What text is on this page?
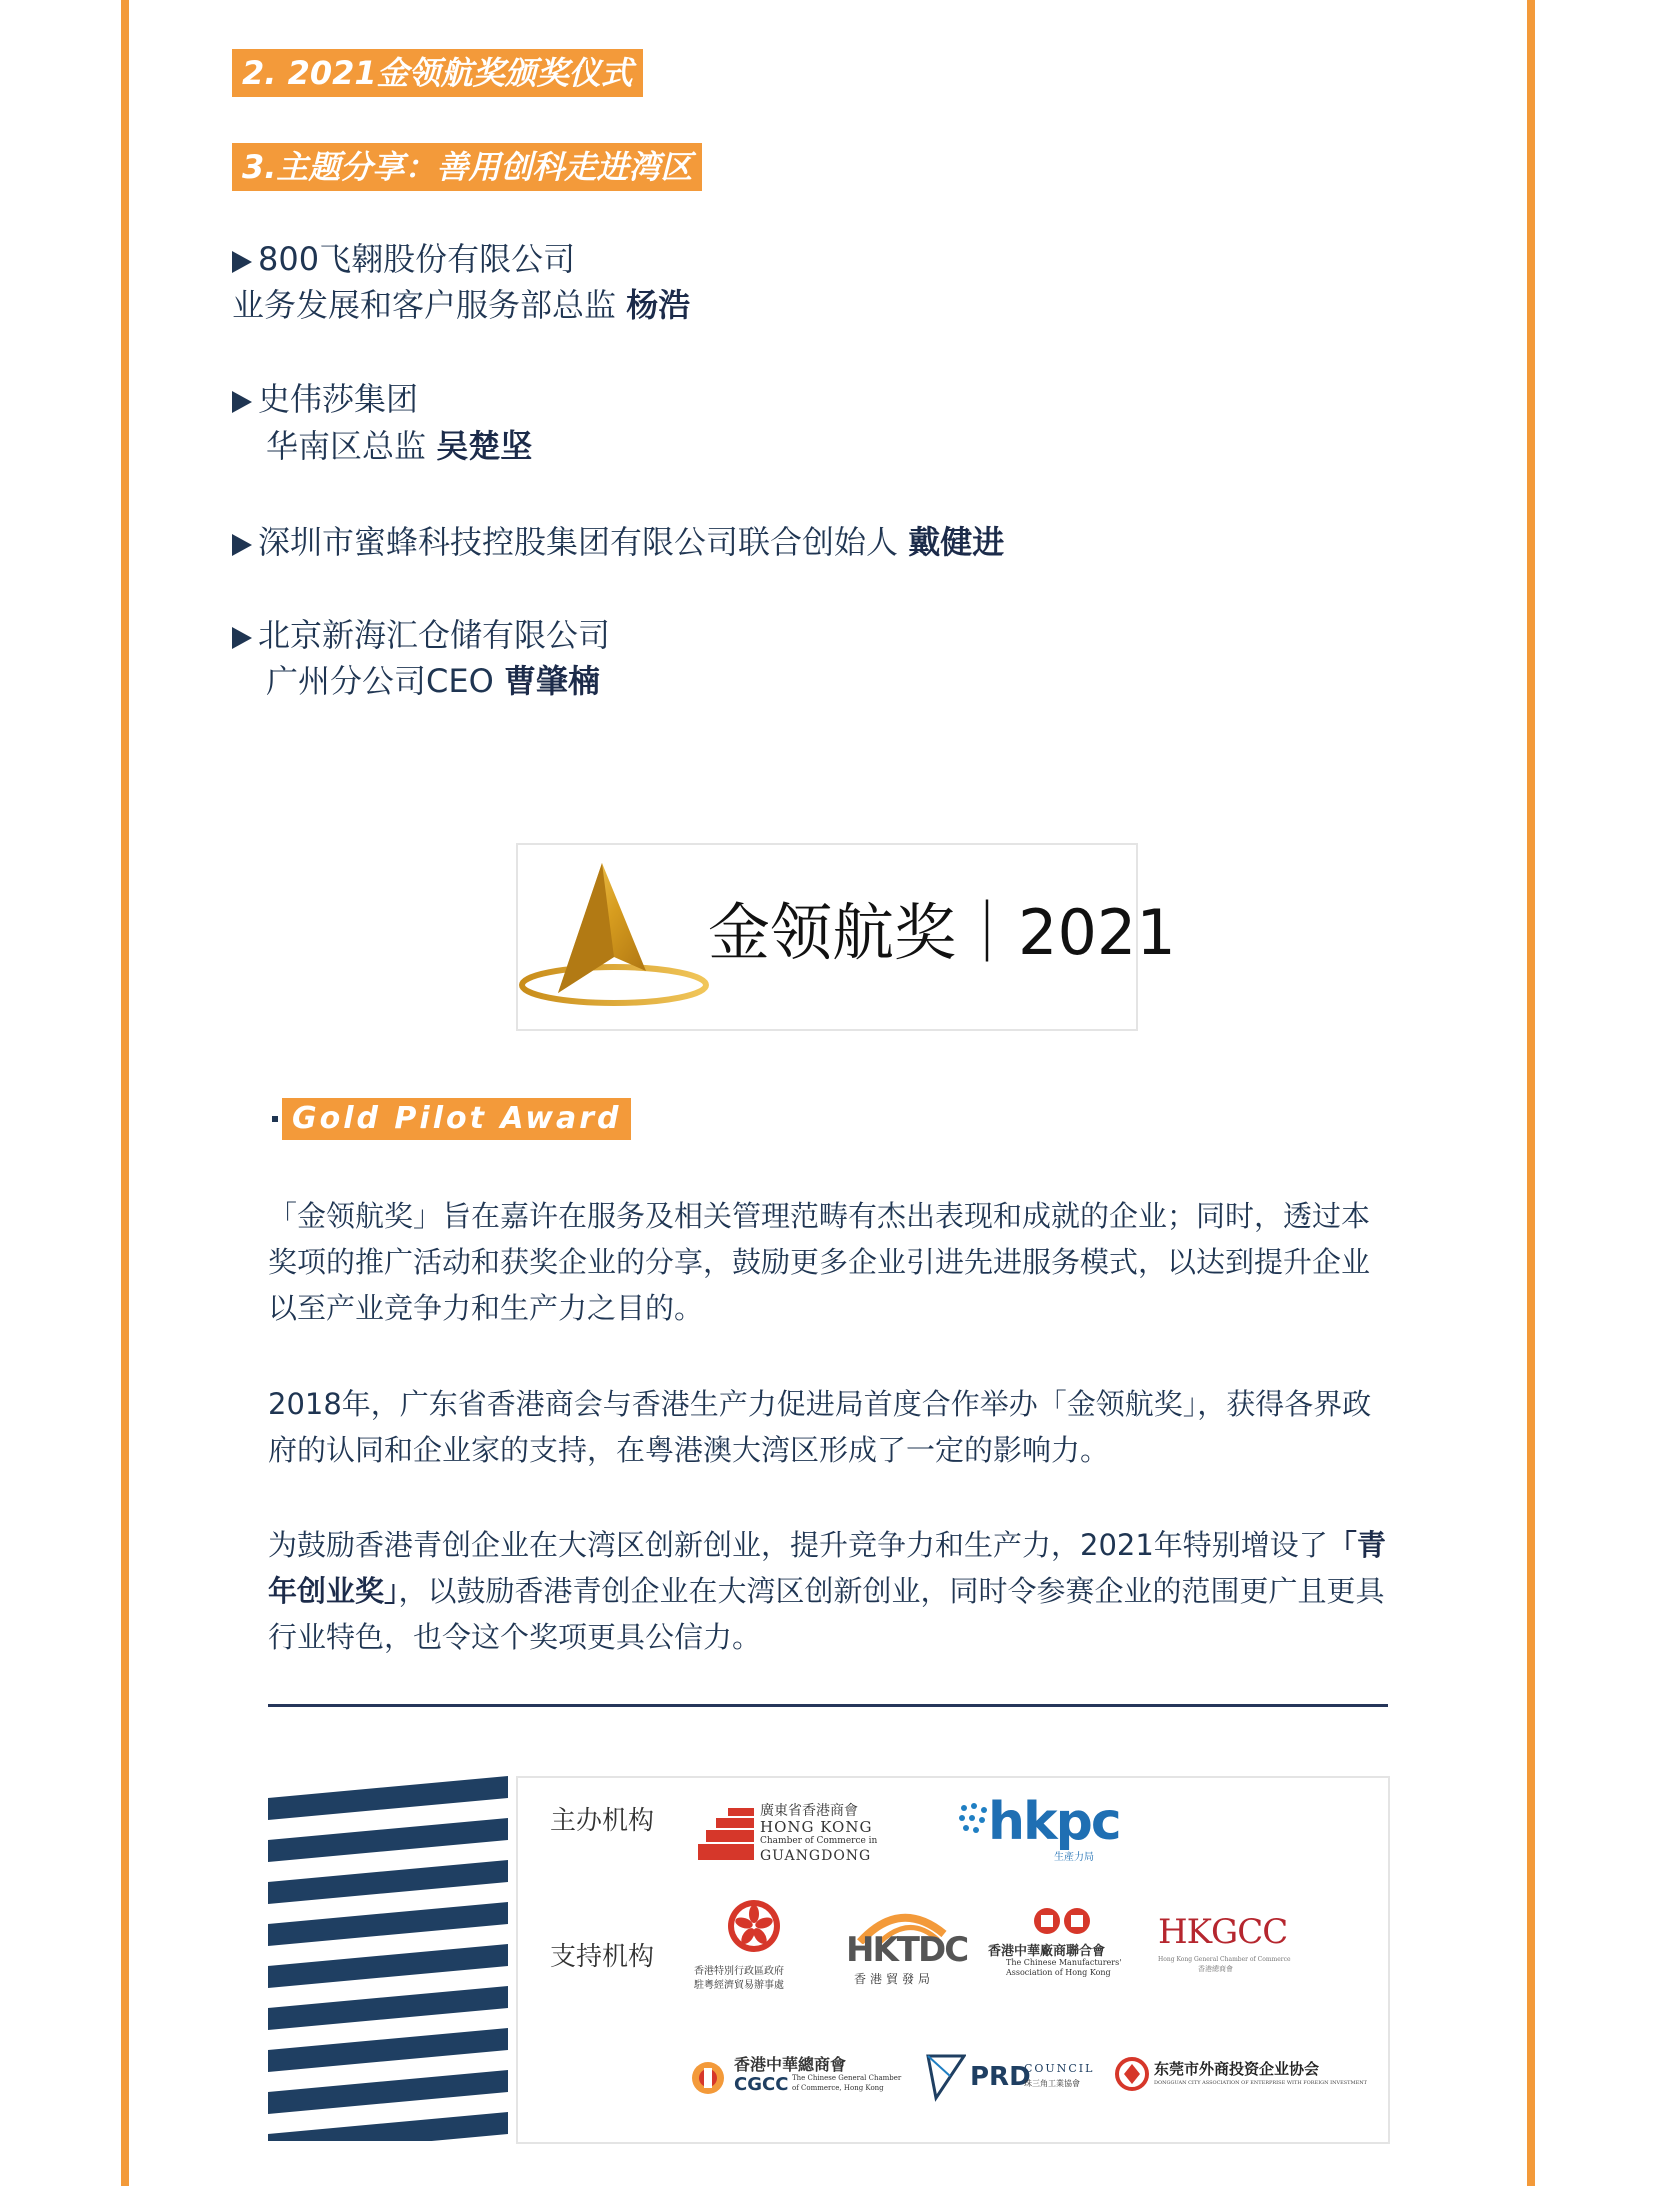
2. 2021金领航奖颁奖仪式
3.主题分享：善用创科走进湾区
800飞翱股份有限公司
业务发展和客户服务部总监 杨浩
史伟莎集团
华南区总监 吴楚坚
深圳市蜜蜂科技控股集团有限公司联合创始人 戴健进
北京新海汇仓储有限公司
广州分公司CEO 曹肇楠
金领航奖｜2021
Gold Pilot Award
「金领航奖」旨在嘉许在服务及相关管理范畴有杰出表现和成就的企业；同时，透过本奖项的推广活动和获奖企业的分享，鼓励更多企业引进先进服务模式，以达到提升企业以至产业竞争力和生产力之目的。
2018年，广东省香港商会与香港生产力促进局首度合作举办「金领航奖」，获得各界政府的认同和企业家的支持，在粤港澳大湾区形成了一定的影响力。
为鼓励香港青创企业在大湾区创新创业，提升竞争力和生产力，2021年特别增设了「青年创业奖」，以鼓励香港青创企业在大湾区创新创业，同时令参赛企业的范围更广且更具行业特色，也令这个奖项更具公信力。
主办机构
支持机构
廣東省香港商會
HONG KONG
Chamber of Commerce in
GUANGDONG
hkpc
生產力局
香港特別行政區政府
駐粵經濟貿易辦事處
HKTDC
香港貿發局
香港中華廠商聯合會
The Chinese Manufacturers'
Association of Hong Kong
HKGCC
Hong Kong General Chamber of Commerce
香港總商會
香港中華總商會
CGCC The Chinese General Chamber
of Commerce, Hong Kong	PRD
COUNCIL
珠三角工業協會
东莞市外商投资企业协会
DONGGUAN CITY ASSOCIATION OF ENTERPRISE WITH FOREIGN INVESTMENT
